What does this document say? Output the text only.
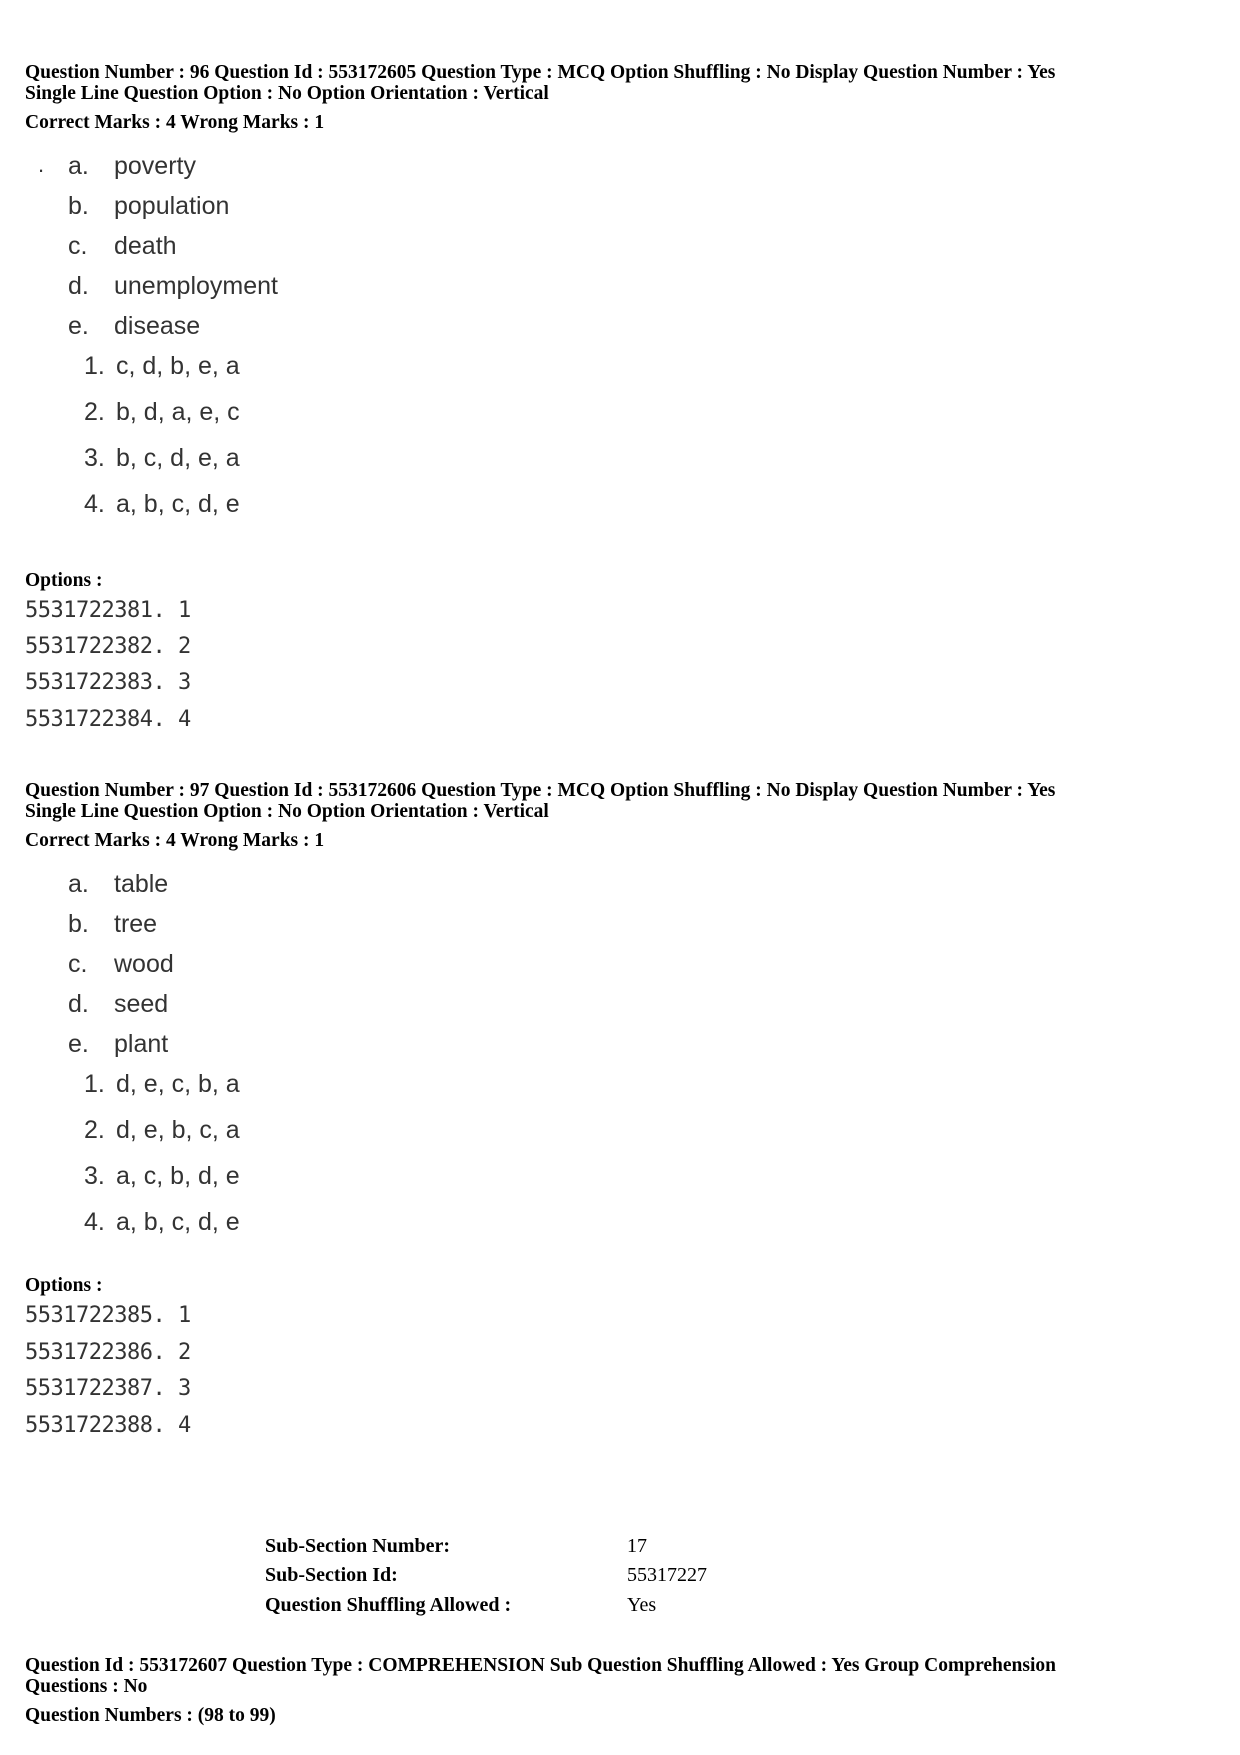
Question Number : 96 Question Id : 553172605 Question Type : MCQ Option Shuffling : No Display Question Number : Yes
Single Line Question Option : No Option Orientation : Vertical
Correct Marks : 4 Wrong Marks : 1
. a. poverty
b. population
c. death
d. unemployment
e. disease
1. c, d, b, e, a
2. b, d, a, e, c
3. b, c, d, e, a
4. a, b, c, d, e
Options :
5531722381. 1
5531722382. 2
5531722383. 3
5531722384. 4
Question Number : 97 Question Id : 553172606 Question Type : MCQ Option Shuffling : No Display Question Number : Yes
Single Line Question Option : No Option Orientation : Vertical
Correct Marks : 4 Wrong Marks : 1
a. table
b. tree
c. wood
d. seed
e. plant
1. d, e, c, b, a
2. d, e, b, c, a
3. a, c, b, d, e
4. a, b, c, d, e
Options :
5531722385. 1
5531722386. 2
5531722387. 3
5531722388. 4
Sub-Section Number:	17
Sub-Section Id:	55317227
Question Shuffling Allowed :	Yes
Question Id : 553172607 Question Type : COMPREHENSION Sub Question Shuffling Allowed : Yes Group Comprehension
Questions : No
Question Numbers : (98 to 99)
